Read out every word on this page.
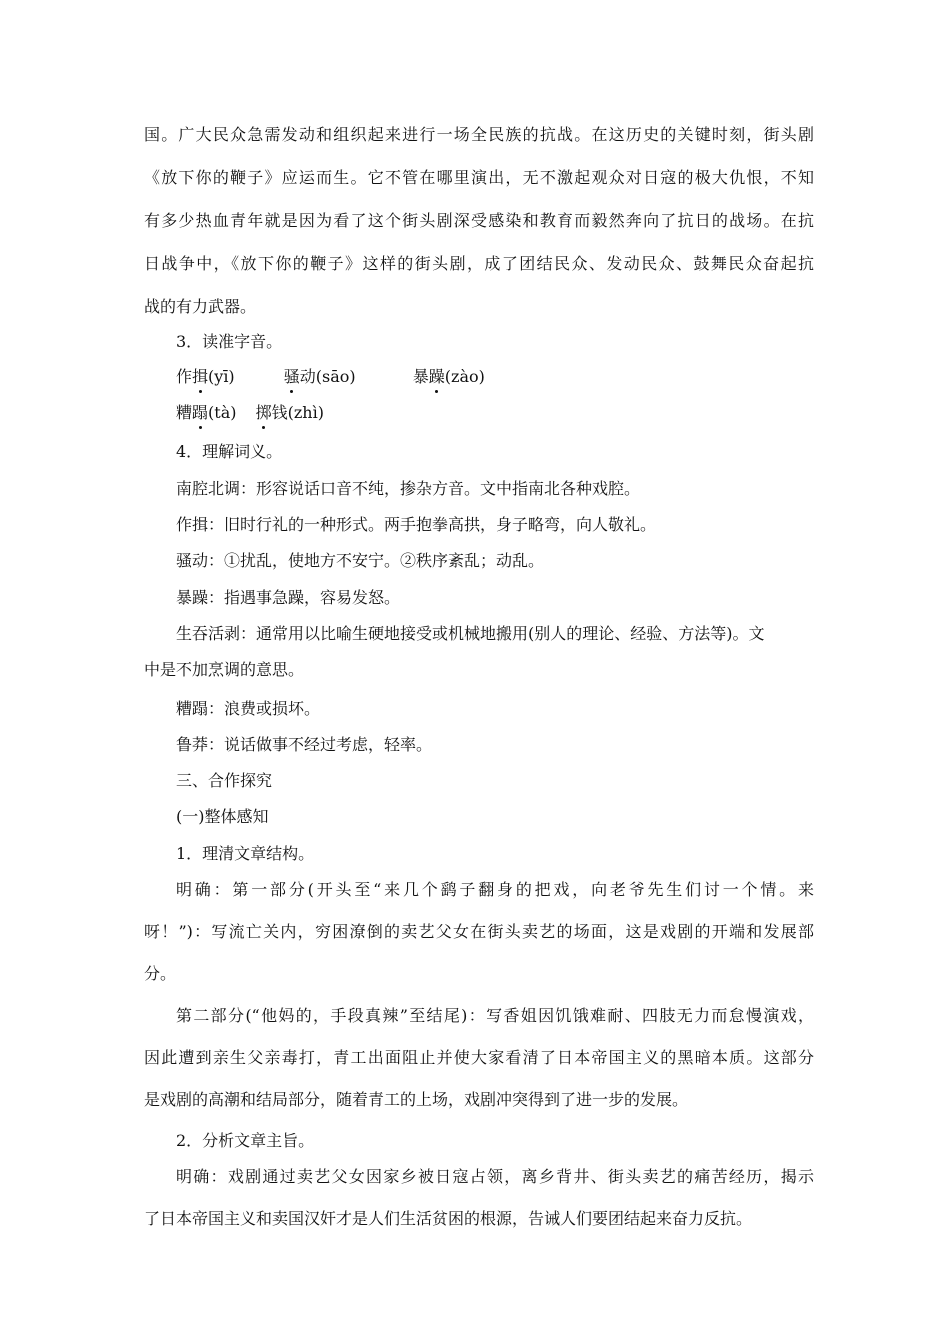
国。广大民众急需发动和组织起来进行一场全民族的抗战。在这历史的关键时刻，街头剧
《放下你的鞭子》应运而生。它不管在哪里演出，无不激起观众对日寇的极大仇恨，不知
有多少热血青年就是因为看了这个街头剧深受感染和教育而毅然奔向了抗日的战场。在抗
日战争中，《放下你的鞭子》这样的街头剧，成了团结民众、发动民众、鼓舞民众奋起抗
战的有力武器。
3．读准字音。
作揖(yī)	骚动(sāo)	暴躁(zào)
糟蹋(tà) 掷钱(zhì)
4．理解词义。
南腔北调：形容说话口音不纯，掺杂方音。文中指南北各种戏腔。
作揖：旧时行礼的一种形式。两手抱拳高拱，身子略弯，向人敬礼。
骚动：①扰乱，使地方不安宁。②秩序紊乱；动乱。
暴躁：指遇事急躁，容易发怒。
生吞活剥：通常用以比喻生硬地接受或机械地搬用(别人的理论、经验、方法等)。文
中是不加烹调的意思。
糟蹋：浪费或损坏。
鲁莽：说话做事不经过考虑，轻率。
三、合作探究
(一)整体感知
1．理清文章结构。
明确：第一部分(开头至“来几个鹞子翻身的把戏，向老爷先生们讨一个情。来
呀！”)：写流亡关内，穷困潦倒的卖艺父女在街头卖艺的场面，这是戏剧的开端和发展部
分。
第二部分(“他妈的，手段真辣”至结尾)：写香姐因饥饿难耐、四肢无力而怠慢演戏，
因此遭到亲生父亲毒打，青工出面阻止并使大家看清了日本帝国主义的黑暗本质。这部分
是戏剧的高潮和结局部分，随着青工的上场，戏剧冲突得到了进一步的发展。
2．分析文章主旨。
明确：戏剧通过卖艺父女因家乡被日寇占领，离乡背井、街头卖艺的痛苦经历，揭示
了日本帝国主义和卖国汉奸才是人们生活贫困的根源，告诫人们要团结起来奋力反抗。
